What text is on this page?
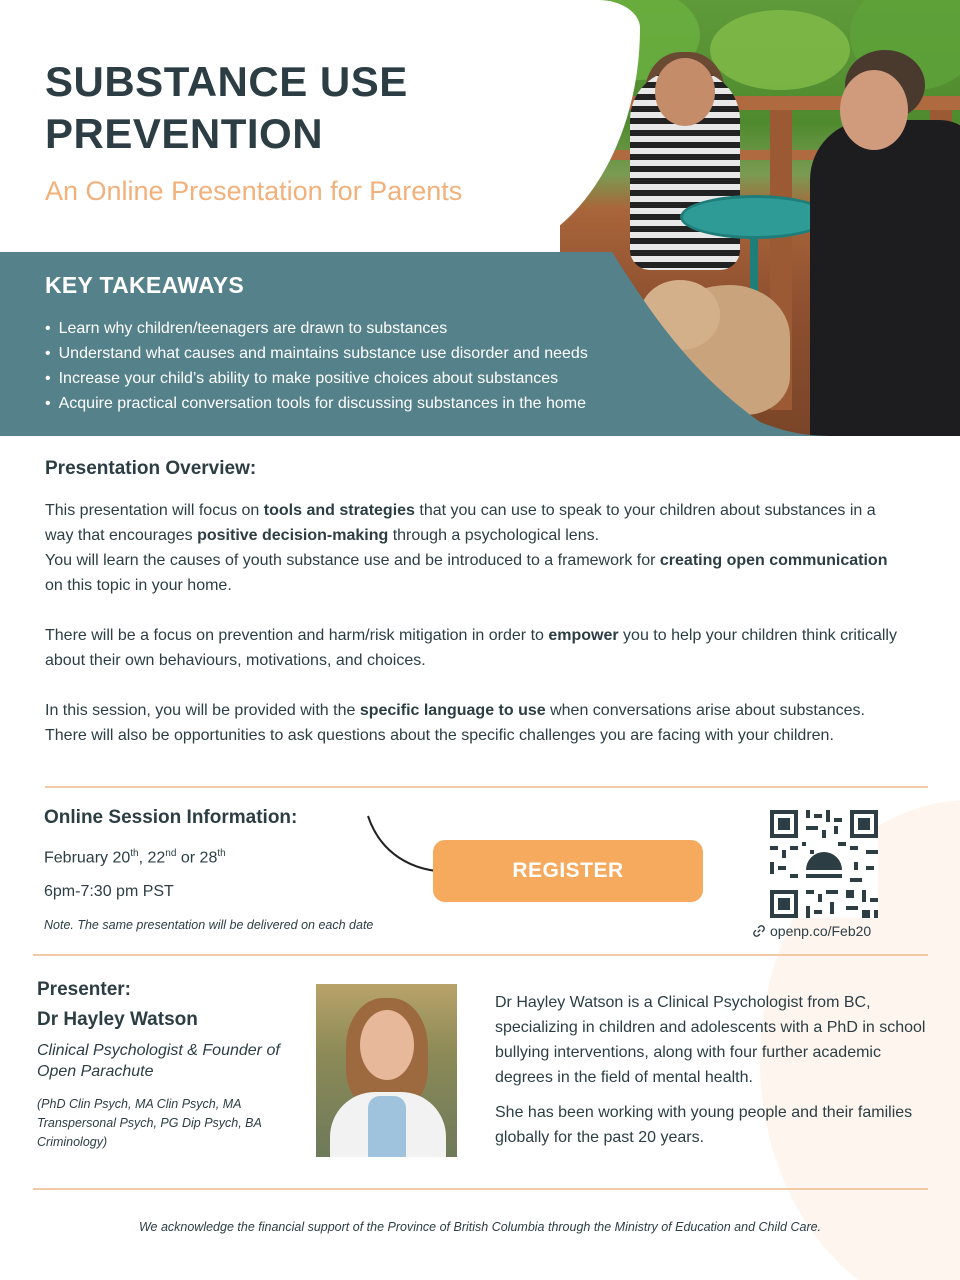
SUBSTANCE USE
PREVENTION
An Online Presentation for Parents
KEY TAKEAWAYS
• Learn why children/teenagers are drawn to substances
• Understand what causes and maintains substance use disorder and needs
• Increase your child’s ability to make positive choices about substances
• Acquire practical conversation tools for discussing substances in the home
Presentation Overview:

This presentation will focus on tools and strategies that you can use to speak to your children about substances in a way that encourages positive decision-making through a psychological lens.

You will learn the causes of youth substance use and be introduced to a framework for creating open communication on this topic in your home.

There will be a focus on prevention and harm/risk mitigation in order to empower you to help your children think critically about their own behaviours, motivations, and choices.

In this session, you will be provided with the specific language to use when conversations arise about substances. There will also be opportunities to ask questions about the specific challenges you are facing with your children.

Online Session Information:
February 20th, 22nd or 28th
6pm-7:30 pm PST
Note. The same presentation will be delivered on each date
REGISTER
openp.co/Feb20
Presenter:
Dr Hayley Watson
Clinical Psychologist & Founder of Open Parachute
(PhD Clin Psych, MA Clin Psych, MA Transpersonal Psych, PG Dip Psych, BA Criminology)

Dr Hayley Watson is a Clinical Psychologist from BC, specializing in children and adolescents with a PhD in school bullying interventions, along with four further academic degrees in the field of mental health.

She has been working with young people and their families globally for the past 20 years.

We acknowledge the financial support of the Province of British Columbia through the Ministry of Education and Child Care.
